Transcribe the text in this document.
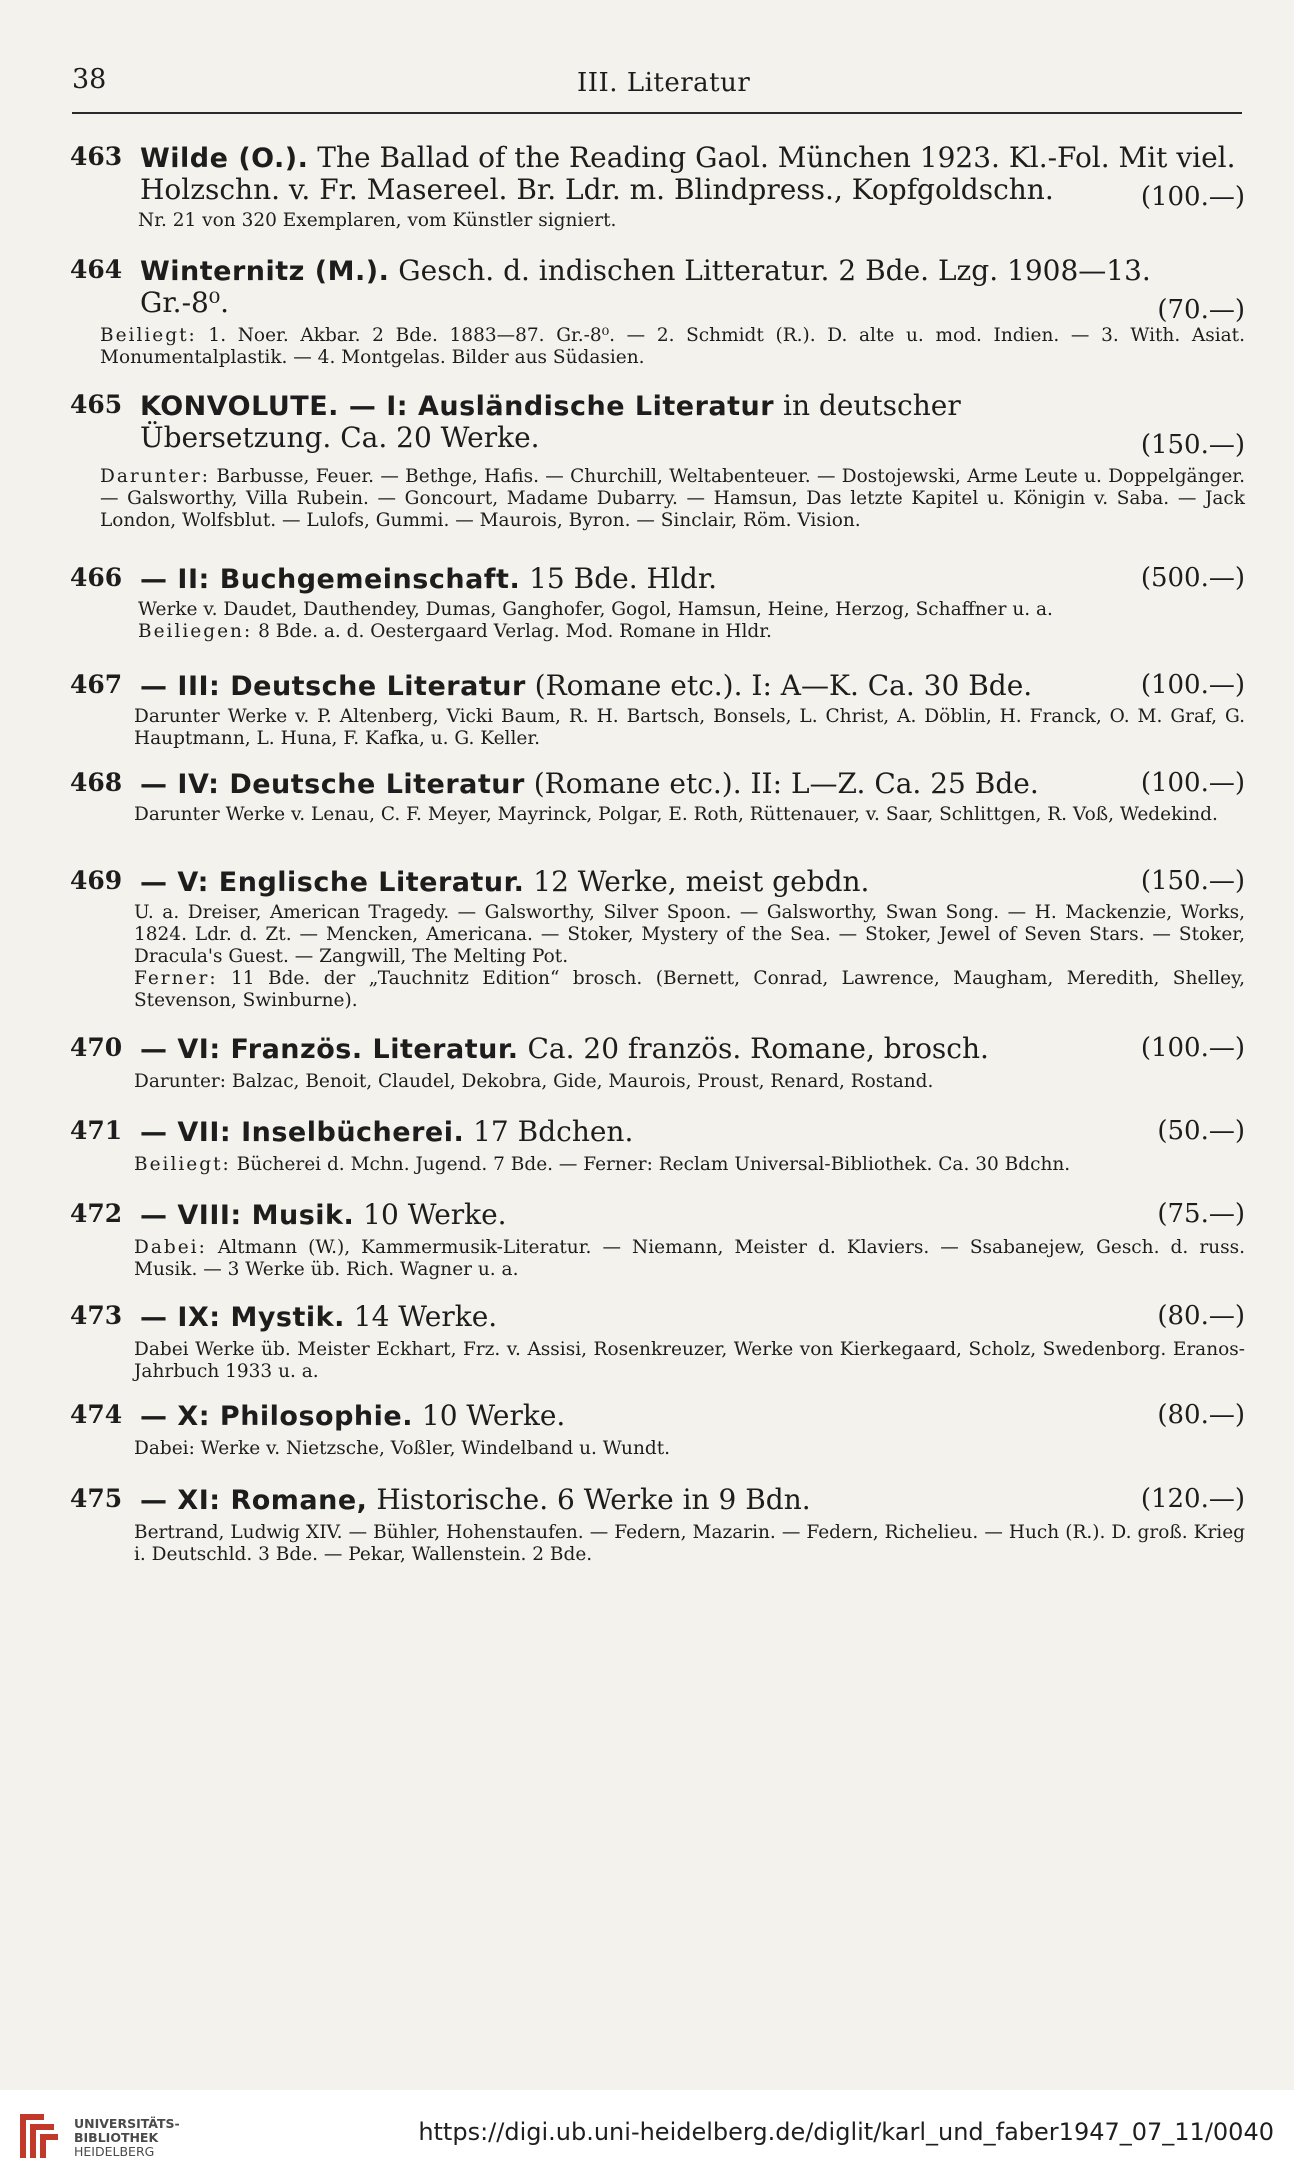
38	III. Literatur
463 Wilde (O.). The Ballad of the Reading Gaol. München 1923. Kl.-Fol. Mit viel. Holzschn. v. Fr. Masereel. Br. Ldr. m. Blindpress., Kopfgoldschn.	(100.—)
Nr. 21 von 320 Exemplaren, vom Künstler signiert.
464 Winternitz (M.). Gesch. d. indischen Litteratur. 2 Bde. Lzg. 1908—13. Gr.-8⁰.	(70.—)
Beiliegt: 1. Noer. Akbar. 2 Bde. 1883—87. Gr.-8⁰. — 2. Schmidt (R.). D. alte u. mod. Indien. — 3. With. Asiat. Monumentalplastik. — 4. Montgelas. Bilder aus Südasien.
465 KONVOLUTE. — I: Ausländische Literatur in deutscher Übersetzung. Ca. 20 Werke.	(150.—)
Darunter: Barbusse, Feuer. — Bethge, Hafis. — Churchill, Weltabenteuer. — Dostojewski, Arme Leute u. Doppelgänger. — Galsworthy, Villa Rubein. — Goncourt, Madame Dubarry. — Hamsun, Das letzte Kapitel u. Königin v. Saba. — Jack London, Wolfsblut. — Lulofs, Gummi. — Maurois, Byron. — Sinclair, Röm. Vision.
466 — II: Buchgemeinschaft. 15 Bde. Hldr.	(500.—)
Werke v. Daudet, Dauthendey, Dumas, Ganghofer, Gogol, Hamsun, Heine, Herzog, Schaffner u. a.
Beiliegen: 8 Bde. a. d. Oestergaard Verlag. Mod. Romane in Hldr.
467 — III: Deutsche Literatur (Romane etc.). I: A—K. Ca. 30 Bde.	(100.—)
Darunter Werke v. P. Altenberg, Vicki Baum, R. H. Bartsch, Bonsels, L. Christ, A. Döblin, H. Franck, O. M. Graf, G. Hauptmann, L. Huna, F. Kafka, u. G. Keller.
468 — IV: Deutsche Literatur (Romane etc.). II: L—Z. Ca. 25 Bde.	(100.—)
Darunter Werke v. Lenau, C. F. Meyer, Mayrinck, Polgar, E. Roth, Rüttenauer, v. Saar, Schlittgen, R. Voß, Wedekind.
469 — V: Englische Literatur. 12 Werke, meist gebdn.	(150.—)
U. a. Dreiser, American Tragedy. — Galsworthy, Silver Spoon. — Galsworthy, Swan Song. — H. Mackenzie, Works, 1824. Ldr. d. Zt. — Mencken, Americana. — Stoker, Mystery of the Sea. — Stoker, Jewel of Seven Stars. — Stoker, Dracula's Guest. — Zangwill, The Melting Pot.
Ferner: 11 Bde. der „Tauchnitz Edition“ brosch. (Bernett, Conrad, Lawrence, Maugham, Meredith, Shelley, Stevenson, Swinburne).
470 — VI: Französ. Literatur. Ca. 20 französ. Romane, brosch.	(100.—)
Darunter: Balzac, Benoit, Claudel, Dekobra, Gide, Maurois, Proust, Renard, Rostand.
471 — VII: Inselbücherei. 17 Bdchen.	(50.—)
Beiliegt: Bücherei d. Mchn. Jugend. 7 Bde. — Ferner: Reclam Universal-Bibliothek. Ca. 30 Bdchn.
472 — VIII: Musik. 10 Werke.	(75.—)
Dabei: Altmann (W.), Kammermusik-Literatur. — Niemann, Meister d. Klaviers. — Ssabanejew, Gesch. d. russ. Musik. — 3 Werke üb. Rich. Wagner u. a.
473 — IX: Mystik. 14 Werke.	(80.—)
Dabei Werke üb. Meister Eckhart, Frz. v. Assisi, Rosenkreuzer, Werke von Kierkegaard, Scholz, Swedenborg. Eranos-Jahrbuch 1933 u. a.
474 — X: Philosophie. 10 Werke.	(80.—)
Dabei: Werke v. Nietzsche, Voßler, Windelband u. Wundt.
475 — XI: Romane, Historische. 6 Werke in 9 Bdn.	(120.—)
Bertrand, Ludwig XIV. — Bühler, Hohenstaufen. — Federn, Mazarin. — Federn, Richelieu. — Huch (R.). D. groß. Krieg i. Deutschld. 3 Bde. — Pekar, Wallenstein. 2 Bde.
UNIVERSITÄTS-
BIBLIOTHEK
HEIDELBERG
https://digi.ub.uni-heidelberg.de/diglit/karl_und_faber1947_07_11/0040
